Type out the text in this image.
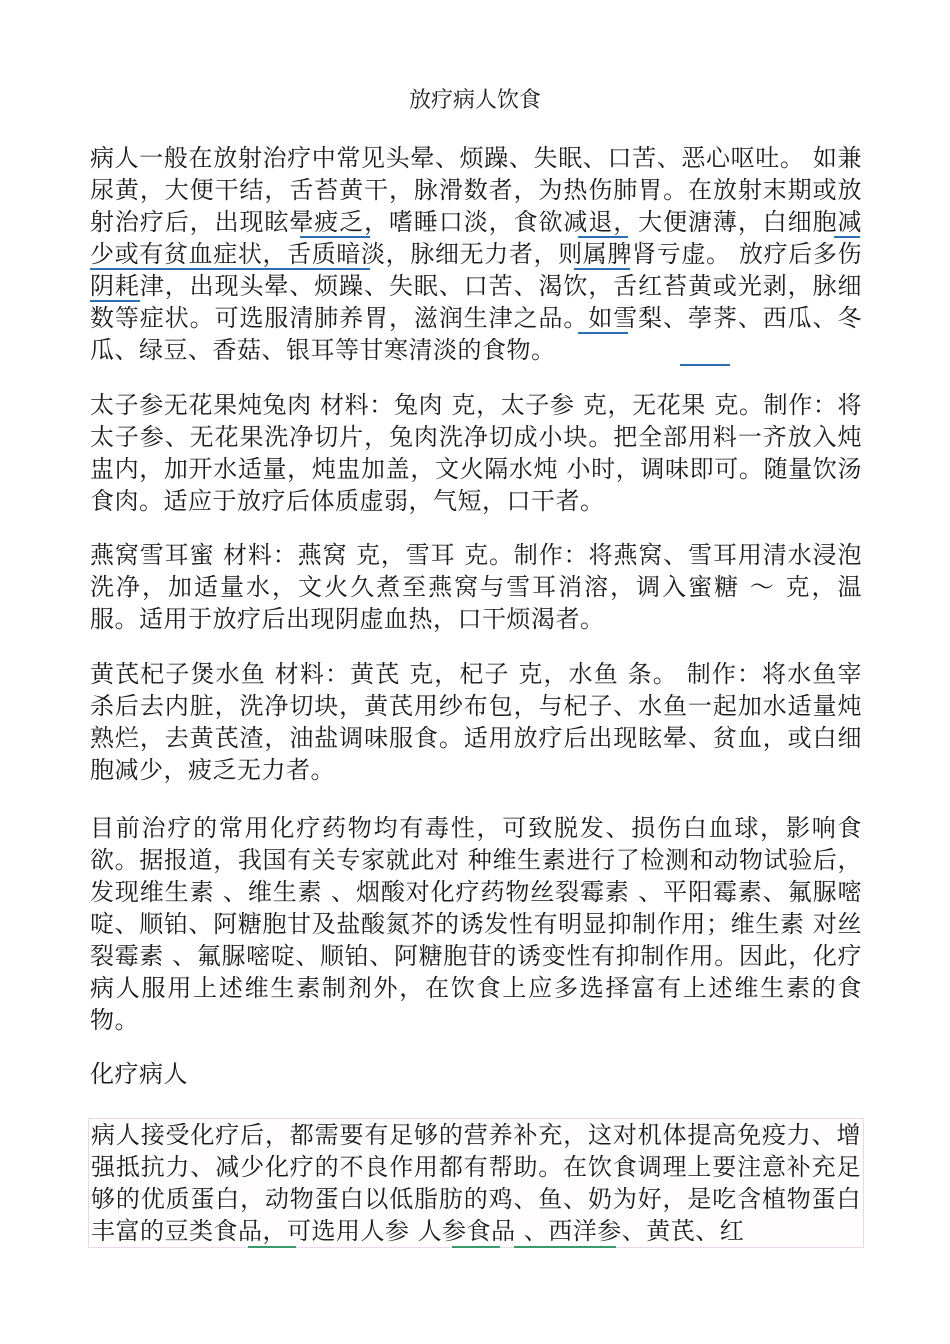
放疗病人饮食
病人一般在放射治疗中常见头晕、烦躁、失眠、口苦、恶心呕吐。 如兼尿黄，大便干结，舌苔黄干，脉滑数者，为热伤肺胃。在放射末期或放射治疗后，出现眩晕疲乏，嗜睡口淡，食欲减退，大便溏薄，白细胞减少或有贫血症状，舌质暗淡，脉细无力者，则属脾肾亏虚。 放疗后多伤阴耗津，出现头晕、烦躁、失眠、口苦、渴饮，舌红苔黄或光剥，脉细数等症状。可选服清肺养胃，滋润生津之品。如雪梨、荸荠、西瓜、冬瓜、绿豆、香菇、银耳等甘寒清淡的食物。
太子参无花果炖兔肉 材料：兔肉 克，太子参 克，无花果 克。制作：将太子参、无花果洗净切片，兔肉洗净切成小块。把全部用料一齐放入炖盅内，加开水适量，炖盅加盖，文火隔水炖 小时，调味即可。随量饮汤食肉。适应于放疗后体质虚弱，气短，口干者。
燕窝雪耳蜜 材料：燕窝 克，雪耳 克。制作：将燕窝、雪耳用清水浸泡洗净，加适量水，文火久煮至燕窝与雪耳消溶，调入蜜糖 ～ 克，温服。适用于放疗后出现阴虚血热，口干烦渴者。
黄芪杞子煲水鱼 材料：黄芪 克，杞子 克，水鱼 条。 制作：将水鱼宰杀后去内脏，洗净切块，黄芪用纱布包，与杞子、水鱼一起加水适量炖熟烂，去黄芪渣，油盐调味服食。适用放疗后出现眩晕、贫血，或白细胞减少，疲乏无力者。
目前治疗的常用化疗药物均有毒性，可致脱发、损伤白血球，影响食欲。据报道，我国有关专家就此对 种维生素进行了检测和动物试验后，发现维生素 、维生素 、烟酸对化疗药物丝裂霉素 、平阳霉素、氟脲嘧啶、顺铂、阿糖胞甘及盐酸氮芥的诱发性有明显抑制作用；维生素 对丝裂霉素 、氟脲嘧啶、顺铂、阿糖胞苷的诱变性有抑制作用。因此，化疗病人服用上述维生素制剂外，在饮食上应多选择富有上述维生素的食物。
化疗病人
病人接受化疗后，都需要有足够的营养补充，这对机体提高免疫力、增强抵抗力、减少化疗的不良作用都有帮助。在饮食调理上要注意补充足够的优质蛋白，动物蛋白以低脂肪的鸡、鱼、奶为好，是吃含植物蛋白丰富的豆类食品，可选用人参 人参食品 、西洋参、黄芪、红
